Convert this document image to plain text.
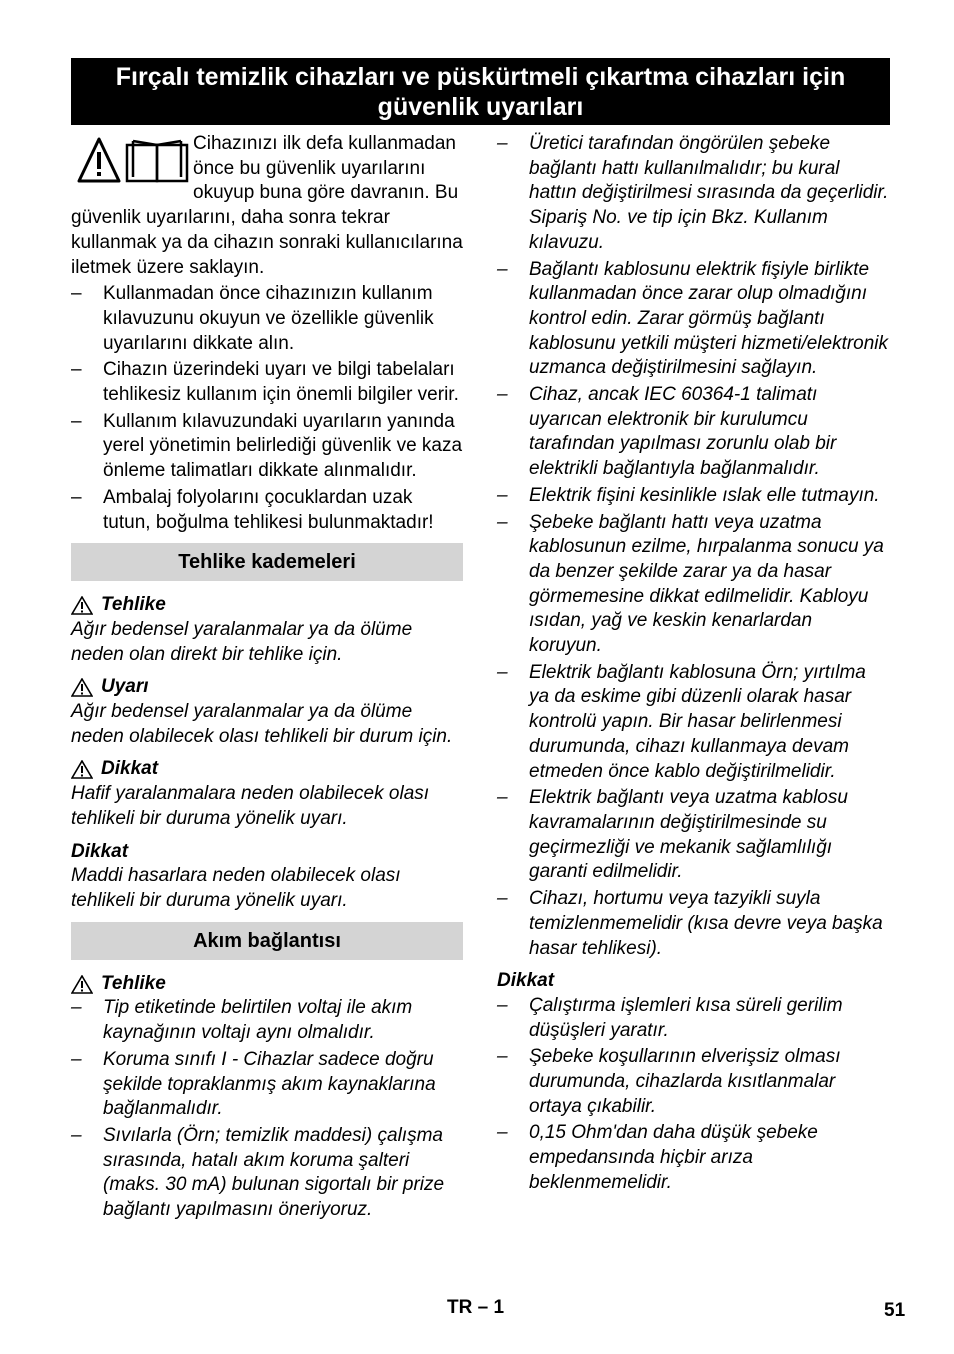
Fırçalı temizlik cihazları ve püskürtmeli çıkartma cihazları için güvenlik uyarıları

Cihazınızı ilk defa kullanmadan önce bu güvenlik uyarılarını okuyup buna göre davranın. Bu güvenlik uyarılarını, daha sonra tekrar kullanmak ya da cihazın sonraki kullanıcılarına iletmek üzere saklayın.

– Kullanmadan önce cihazınızın kullanım kılavuzunu okuyun ve özellikle güvenlik uyarılarını dikkate alın.
– Cihazın üzerindeki uyarı ve bilgi tabelaları tehlikesiz kullanım için önemli bilgiler verir.
– Kullanım kılavuzundaki uyarıların yanında yerel yönetimin belirlediği güvenlik ve kaza önleme talimatları dikkate alınmalıdır.
– Ambalaj folyolarını çocuklardan uzak tutun, boğulma tehlikesi bulunmaktadır!
Tehlike kademeleri
Tehlike

Ağır bedensel yaralanmalar ya da ölüme neden olan direkt bir tehlike için.

Uyarı

Ağır bedensel yaralanmalar ya da ölüme neden olabilecek olası tehlikeli bir durum için.

Dikkat

Hafif yaralanmalara neden olabilecek olası tehlikeli bir duruma yönelik uyarı.

Dikkat

Maddi hasarlara neden olabilecek olası tehlikeli bir duruma yönelik uyarı.

Akım bağlantısı
Tehlike
– Tip etiketinde belirtilen voltaj ile akım kaynağının voltajı aynı olmalıdır.
– Koruma sınıfı I - Cihazlar sadece doğru şekilde topraklanmış akım kaynaklarına bağlanmalıdır.
– Sıvılarla (Örn; temizlik maddesi) çalışma sırasında, hatalı akım koruma şalteri (maks. 30 mA) bulunan sigortalı bir prize bağlantı yapılmasını öneriyoruz.
– Üretici tarafından öngörülen şebeke bağlantı hattı kullanılmalıdır; bu kural hattın değiştirilmesi sırasında da geçerlidir. Sipariş No. ve tip için Bkz. Kullanım kılavuzu.
– Bağlantı kablosunu elektrik fişiyle birlikte kullanmadan önce zarar olup olmadığını kontrol edin. Zarar görmüş bağlantı kablosunu yetkili müşteri hizmeti/elektronik uzmanca değiştirilmesini sağlayın.
– Cihaz, ancak IEC 60364-1 talimatı uyarıcan elektronik bir kurulumcu tarafından yapılması zorunlu olab bir elektrikli bağlantıyla bağlanmalıdır.
– Elektrik fişini kesinlikle ıslak elle tutmayın.
– Şebeke bağlantı hattı veya uzatma kablosunun ezilme, hırpalanma sonucu ya da benzer şekilde zarar ya da hasar görmemesine dikkat edilmelidir. Kabloyu ısıdan, yağ ve keskin kenarlardan koruyun.
– Elektrik bağlantı kablosuna Örn; yırtılma ya da eskime gibi düzenli olarak hasar kontrolü yapın. Bir hasar belirlenmesi durumunda, cihazı kullanmaya devam etmeden önce kablo değiştirilmelidir.
– Elektrik bağlantı veya uzatma kablosu kavramalarının değiştirilmesinde su geçirmezliği ve mekanik sağlamlılığı garanti edilmelidir.
– Cihazı, hortumu veya tazyikli suyla temizlenmemelidir (kısa devre veya başka hasar tehlikesi).
Dikkat
– Çalıştırma işlemleri kısa süreli gerilim düşüşleri yaratır.
– Şebeke koşullarının elverişsiz olması durumunda, cihazlarda kısıtlanmalar ortaya çıkabilir.
– 0,15 Ohm'dan daha düşük şebeke empedansında hiçbir arıza beklenmemelidir.
TR – 1	51
